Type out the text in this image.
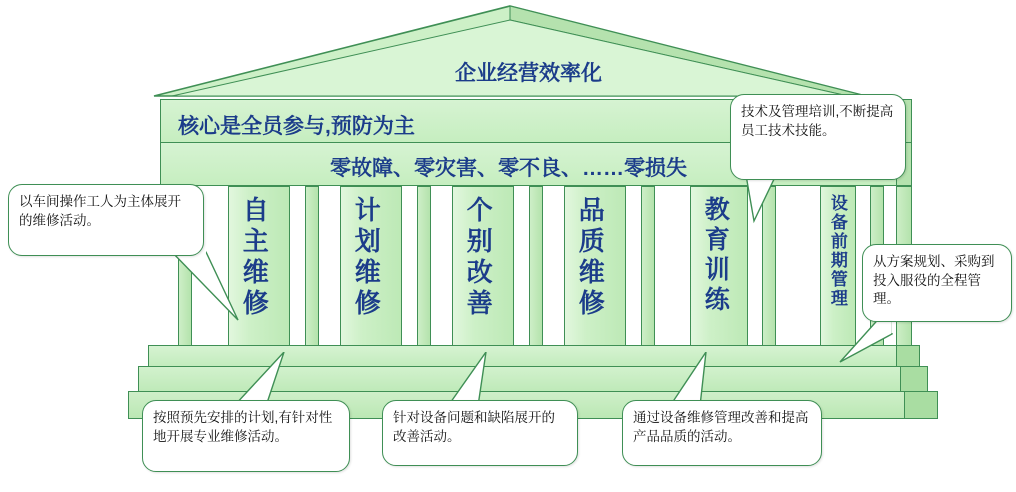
企业经营效率化
核心是全员参与,预防为主
零故障、零灾害、零不良、……零损失
自主维修	计划维修	个别改善	品质维修	教育训练	设备前期管理
以车间操作工人为主体展开的维修活动。
技术及管理培训,不断提高员工技术技能。
从方案规划、采购到投入服役的全程管理。
按照预先安排的计划,有针对性地开展专业维修活动。
针对设备问题和缺陷展开的改善活动。
通过设备维修管理改善和提高产品品质的活动。
